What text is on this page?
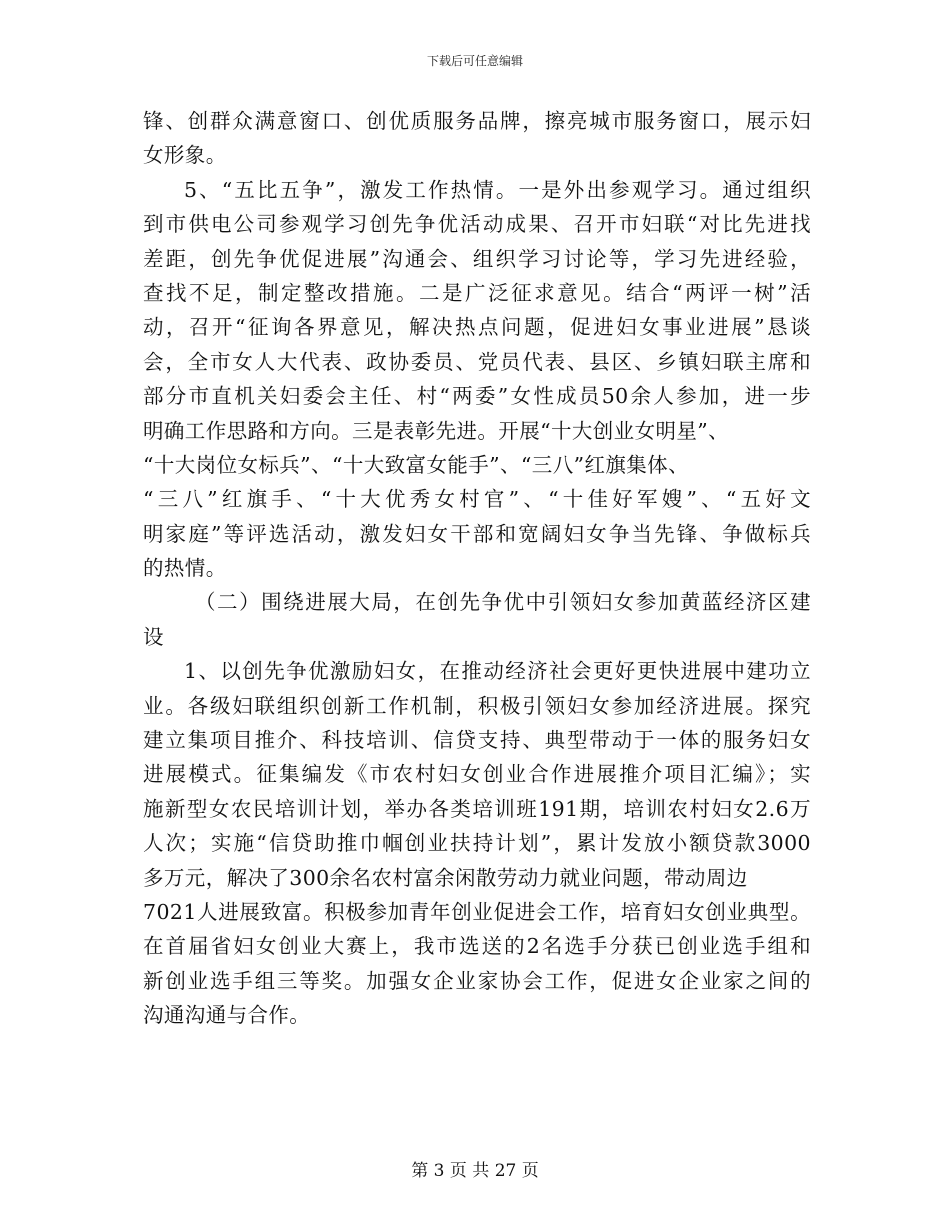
下载后可任意编辑
锋、创群众满意窗口、创优质服务品牌，擦亮城市服务窗口，展示妇
女形象。
5、“五比五争”，激发工作热情。一是外出参观学习。通过组织
到市供电公司参观学习创先争优活动成果、召开市妇联“对比先进找
差距，创先争优促进展”沟通会、组织学习讨论等，学习先进经验，
查找不足，制定整改措施。二是广泛征求意见。结合“两评一树”活
动，召开“征询各界意见，解决热点问题，促进妇女事业进展”恳谈
会，全市女人大代表、政协委员、党员代表、县区、乡镇妇联主席和
部分市直机关妇委会主任、村“两委”女性成员50余人参加，进一步
明确工作思路和方向。三是表彰先进。开展“十大创业女明星”、
“十大岗位女标兵”、“十大致富女能手”、“三八”红旗集体、
“三八”红旗手、“十大优秀女村官”、“十佳好军嫂”、“五好文
明家庭”等评选活动，激发妇女干部和宽阔妇女争当先锋、争做标兵
的热情。
（二）围绕进展大局，在创先争优中引领妇女参加黄蓝经济区建
设
1、以创先争优激励妇女，在推动经济社会更好更快进展中建功立
业。各级妇联组织创新工作机制，积极引领妇女参加经济进展。探究
建立集项目推介、科技培训、信贷支持、典型带动于一体的服务妇女
进展模式。征集编发《市农村妇女创业合作进展推介项目汇编》；实
施新型女农民培训计划，举办各类培训班191期，培训农村妇女2.6万
人次；实施“信贷助推巾帼创业扶持计划”，累计发放小额贷款3000
多万元，解决了300余名农村富余闲散劳动力就业问题，带动周边
7021人进展致富。积极参加青年创业促进会工作，培育妇女创业典型。
在首届省妇女创业大赛上，我市选送的2名选手分获已创业选手组和
新创业选手组三等奖。加强女企业家协会工作，促进女企业家之间的
沟通沟通与合作。
第 3 页 共 27 页
